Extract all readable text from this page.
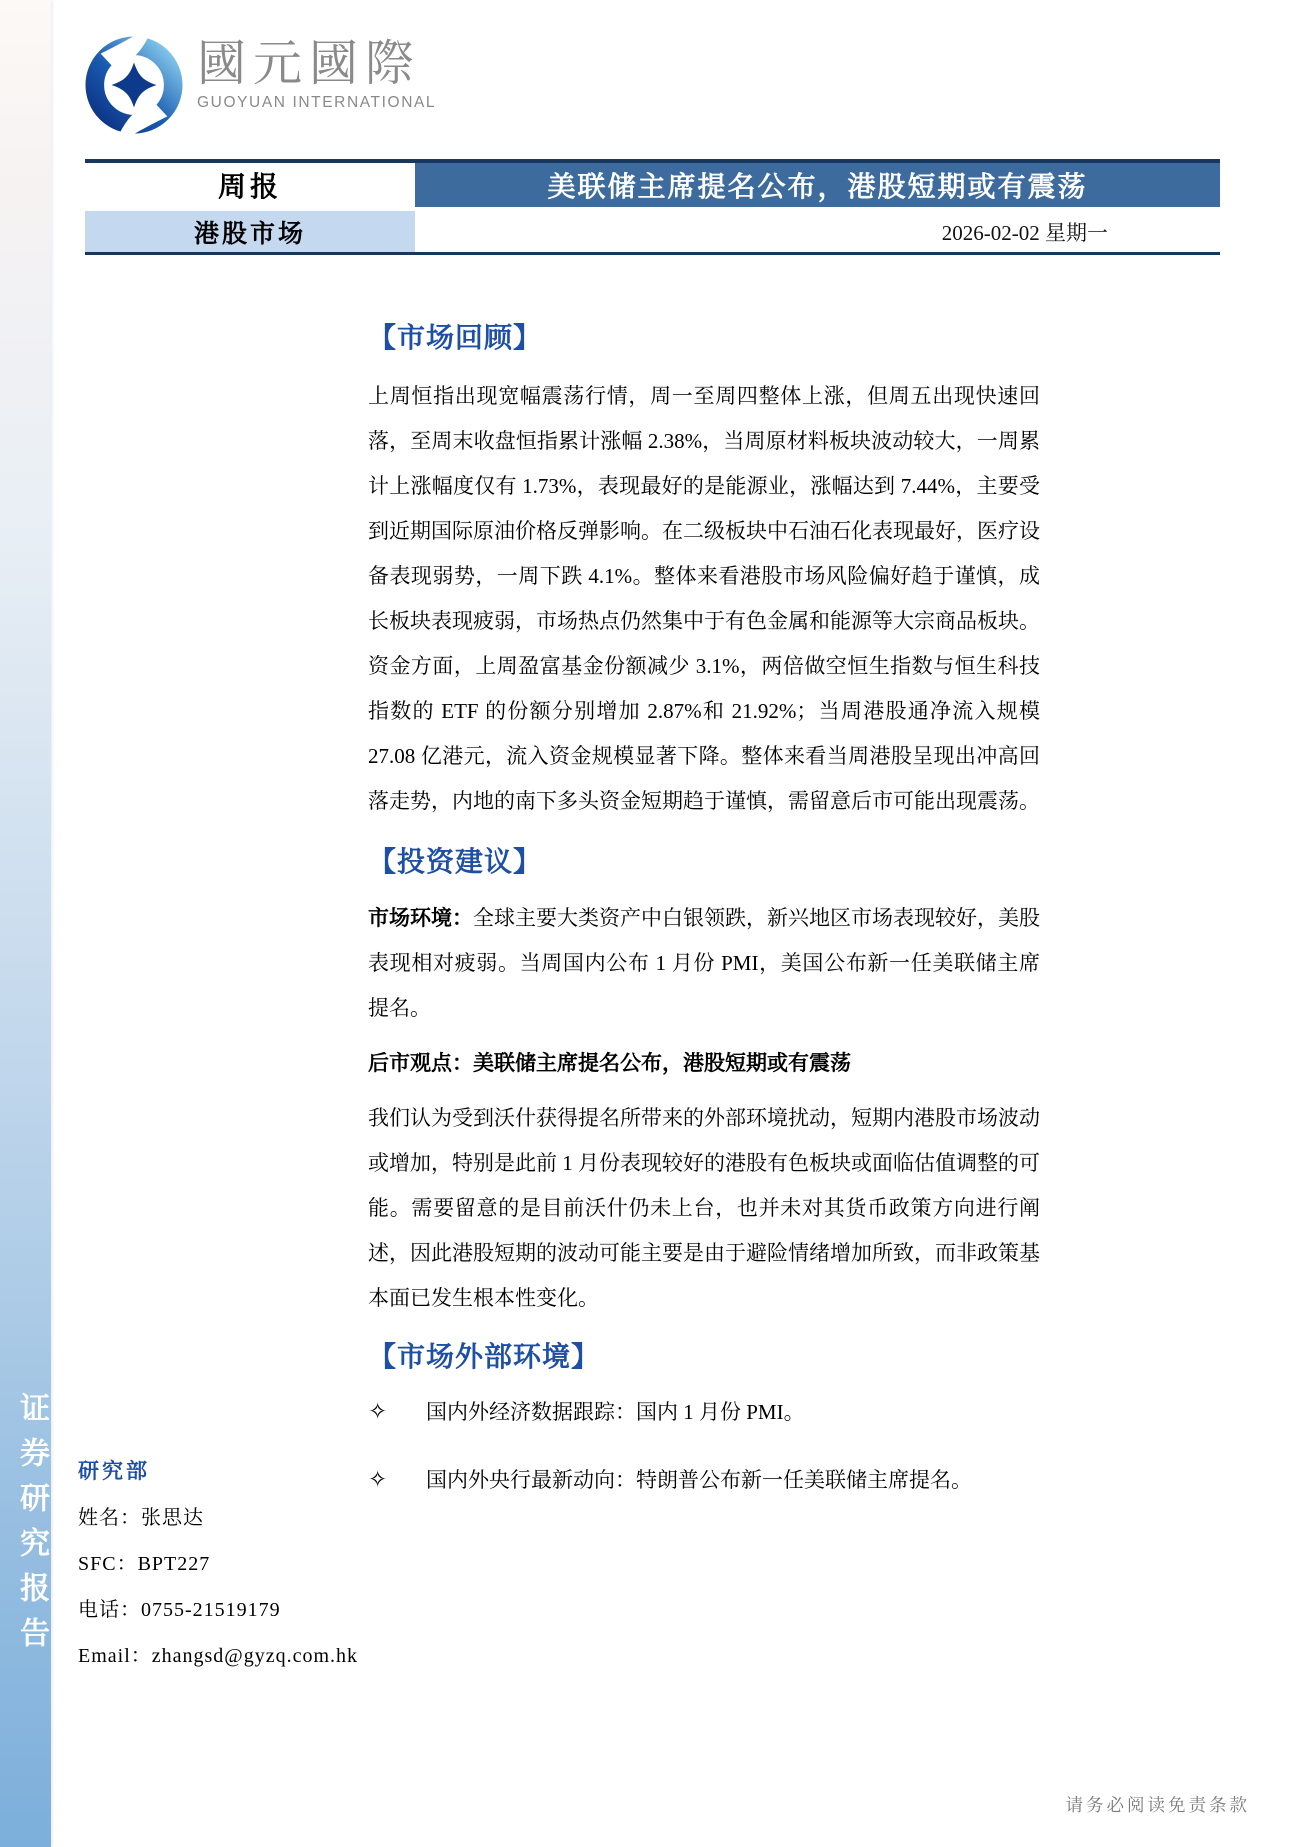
证券研究报告
國元國際
GUOYUAN INTERNATIONAL
周报	美联储主席提名公布，港股短期或有震荡
港股市场	2026-02-02 星期一
【市场回顾】

上周恒指出现宽幅震荡行情，周一至周四整体上涨，但周五出现快速回落，至周末收盘恒指累计涨幅 2.38%，当周原材料板块波动较大，一周累计上涨幅度仅有 1.73%，表现最好的是能源业，涨幅达到 7.44%，主要受到近期国际原油价格反弹影响。在二级板块中石油石化表现最好，医疗设备表现弱势，一周下跌 4.1%。整体来看港股市场风险偏好趋于谨慎，成长板块表现疲弱，市场热点仍然集中于有色金属和能源等大宗商品板块。资金方面，上周盈富基金份额减少 3.1%，两倍做空恒生指数与恒生科技指数的 ETF 的份额分别增加 2.87%和 21.92%；当周港股通净流入规模 27.08 亿港元，流入资金规模显著下降。整体来看当周港股呈现出冲高回落走势，内地的南下多头资金短期趋于谨慎，需留意后市可能出现震荡。

【投资建议】

市场环境：全球主要大类资产中白银领跌，新兴地区市场表现较好，美股表现相对疲弱。当周国内公布 1 月份 PMI，美国公布新一任美联储主席提名。

后市观点：美联储主席提名公布，港股短期或有震荡

我们认为受到沃什获得提名所带来的外部环境扰动，短期内港股市场波动或增加，特别是此前 1 月份表现较好的港股有色板块或面临估值调整的可能。需要留意的是目前沃什仍未上台，也并未对其货币政策方向进行阐述，因此港股短期的波动可能主要是由于避险情绪增加所致，而非政策基本面已发生根本性变化。

【市场外部环境】
✧	国内外经济数据跟踪：国内 1 月份 PMI。
✧	国内外央行最新动向：特朗普公布新一任美联储主席提名。
研究部
姓名：张思达
SFC：BPT227
电话：0755-21519179
Email：zhangsd@gyzq.com.hk
请务必阅读免责条款
